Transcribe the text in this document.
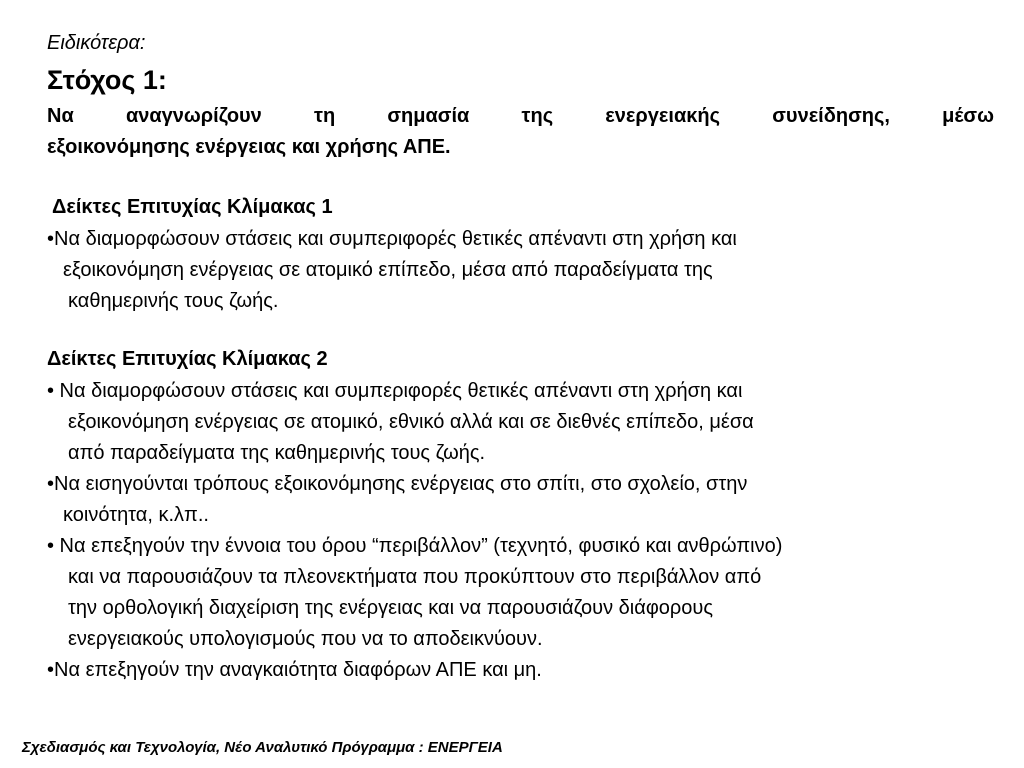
Ειδικότερα:
Στόχος 1:
Να αναγνωρίζουν τη σημασία της ενεργειακής συνείδησης, μέσω
εξοικονόμησης ενέργειας και χρήσης ΑΠΕ.
Δείκτες Επιτυχίας Κλίμακας 1
•Να διαμορφώσουν στάσεις και συμπεριφορές θετικές απέναντι στη χρήση και
εξοικονόμηση ενέργειας σε ατομικό επίπεδο, μέσα από παραδείγματα της
καθημερινής τους ζωής.
Δείκτες Επιτυχίας Κλίμακας 2
• Να διαμορφώσουν στάσεις και συμπεριφορές θετικές απέναντι στη χρήση και
εξοικονόμηση ενέργειας σε ατομικό, εθνικό αλλά και σε διεθνές επίπεδο, μέσα
από παραδείγματα της καθημερινής τους ζωής.
•Να εισηγούνται τρόπους εξοικονόμησης ενέργειας στο σπίτι, στο σχολείο, στην
κοινότητα, κ.λπ..
• Να επεξηγούν την έννοια του όρου “περιβάλλον” (τεχνητό, φυσικό και ανθρώπινο)
και να παρουσιάζουν τα πλεονεκτήματα που προκύπτουν στο περιβάλλον από
την ορθολογική διαχείριση της ενέργειας και να παρουσιάζουν διάφορους
ενεργειακούς υπολογισμούς που να το αποδεικνύουν.
•Να επεξηγούν την αναγκαιότητα διαφόρων ΑΠΕ και μη.
Σχεδιασμός και Τεχνολογία, Νέο Αναλυτικό Πρόγραμμα : ΕΝΕΡΓΕΙΑ
